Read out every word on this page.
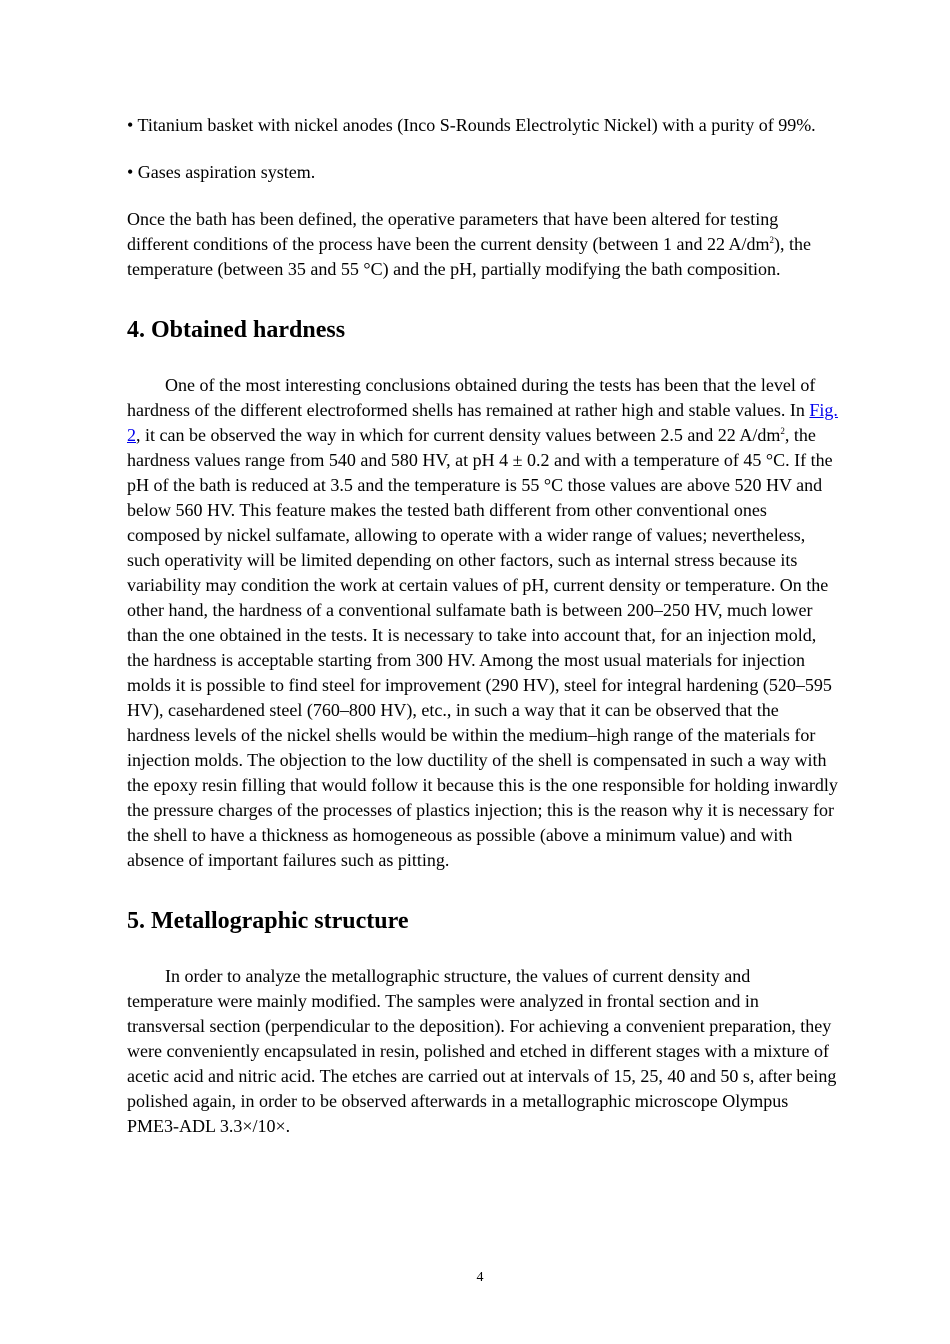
• Titanium basket with nickel anodes (Inco S-Rounds Electrolytic Nickel) with a purity of 99%.

• Gases aspiration system.

Once the bath has been defined, the operative parameters that have been altered for testing different conditions of the process have been the current density (between 1 and 22 $A/dm^2$), the temperature (between 35 and 55 °C) and the pH, partially modifying the bath composition.

4. Obtained hardness

One of the most interesting conclusions obtained during the tests has been that the level of hardness of the different electroformed shells has remained at rather high and stable values. In Fig. 2, it can be observed the way in which for current density values between 2.5 and 22 $A/dm^2$, the hardness values range from 540 and 580 HV, at pH 4 ± 0.2 and with a temperature of 45 °C. If the pH of the bath is reduced at 3.5 and the temperature is 55 °C those values are above 520 HV and below 560 HV. This feature makes the tested bath different from other conventional ones composed by nickel sulfamate, allowing to operate with a wider range of values; nevertheless, such operativity will be limited depending on other factors, such as internal stress because its variability may condition the work at certain values of pH, current density or temperature. On the other hand, the hardness of a conventional sulfamate bath is between 200–250 HV, much lower than the one obtained in the tests. It is necessary to take into account that, for an injection mold, the hardness is acceptable starting from 300 HV. Among the most usual materials for injection molds it is possible to find steel for improvement (290 HV), steel for integral hardening (520–595 HV), casehardened steel (760–800 HV), etc., in such a way that it can be observed that the hardness levels of the nickel shells would be within the medium–high range of the materials for injection molds. The objection to the low ductility of the shell is compensated in such a way with the epoxy resin filling that would follow it because this is the one responsible for holding inwardly the pressure charges of the processes of plastics injection; this is the reason why it is necessary for the shell to have a thickness as homogeneous as possible (above a minimum value) and with absence of important failures such as pitting.

5. Metallographic structure

In order to analyze the metallographic structure, the values of current density and temperature were mainly modified. The samples were analyzed in frontal section and in transversal section (perpendicular to the deposition). For achieving a convenient preparation, they were conveniently encapsulated in resin, polished and etched in different stages with a mixture of acetic acid and nitric acid. The etches are carried out at intervals of 15, 25, 40 and 50 s, after being polished again, in order to be observed afterwards in a metallographic microscope Olympus PME3-ADL 3.3×/10×.

4
